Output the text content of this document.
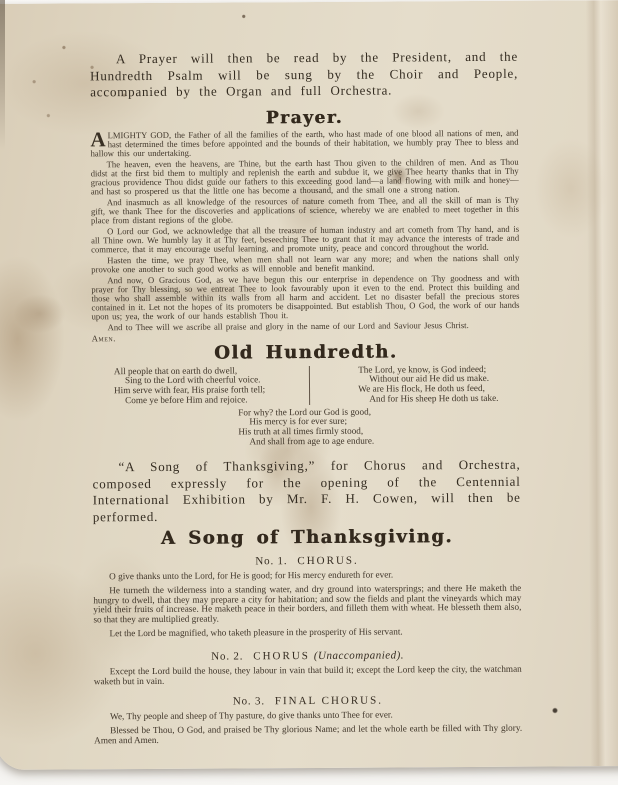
A Prayer will then be read by the President, and the Hundredth Psalm will be sung by the Choir and People, accompanied by the Organ and full Orchestra.

Prayer.

ALMIGHTY GOD, the Father of all the families of the earth, who hast made of one blood all nations of men, and hast determined the times before appointed and the bounds of their habitation, we humbly pray Thee to bless and hallow this our undertaking.

The heaven, even the heavens, are Thine, but the earth hast Thou given to the children of men. And as Thou didst at the first bid them to multiply and replenish the earth and subdue it, we give Thee hearty thanks that in Thy gracious providence Thou didst guide our fathers to this exceeding good land—a land flowing with milk and honey—and hast so prospered us that the little one has become a thousand, and the small one a strong nation.

And inasmuch as all knowledge of the resources of nature cometh from Thee, and all the skill of man is Thy gift, we thank Thee for the discoveries and applications of science, whereby we are enabled to meet together in this place from distant regions of the globe.

O Lord our God, we acknowledge that all the treasure of human industry and art cometh from Thy hand, and is all Thine own. We humbly lay it at Thy feet, beseeching Thee to grant that it may advance the interests of trade and commerce, that it may encourage useful learning, and promote unity, peace and concord throughout the world.

Hasten the time, we pray Thee, when men shall not learn war any more; and when the nations shall only provoke one another to such good works as will ennoble and benefit mankind.

And now, O Gracious God, as we have begun this our enterprise in dependence on Thy goodness and with prayer for Thy blessing, so we entreat Thee to look favourably upon it even to the end. Protect this building and those who shall assemble within its walls from all harm and accident. Let no disaster befall the precious stores contained in it. Let not the hopes of its promoters be disappointed. But establish Thou, O God, the work of our hands upon us; yea, the work of our hands establish Thou it.

And to Thee will we ascribe all praise and glory in the name of our Lord and Saviour Jesus Christ.

Amen.

Old Hundredth.
All people that on earth do dwell,
Sing to the Lord with cheerful voice.
Him serve with fear, His praise forth tell;
Come ye before Him and rejoice.
The Lord, ye know, is God indeed;
Without our aid He did us make.
We are His flock, He doth us feed,
And for His sheep He doth us take.
For why? the Lord our God is good,
His mercy is for ever sure;
His truth at all times firmly stood,
And shall from age to age endure.

“A Song of Thanksgiving,” for Chorus and Orchestra, composed expressly for the opening of the Centennial International Exhibition by Mr. F. H. Cowen, will then be performed.

A Song of Thanksgiving.
No. 1. CHORUS.

O give thanks unto the Lord, for He is good; for His mercy endureth for ever.

He turneth the wilderness into a standing water, and dry ground into watersprings; and there He maketh the hungry to dwell, that they may prepare a city for habitation; and sow the fields and plant the vineyards which may yield their fruits of increase. He maketh peace in their borders, and filleth them with wheat. He blesseth them also, so that they are multiplied greatly.

Let the Lord be magnified, who taketh pleasure in the prosperity of His servant.

No. 2. CHORUS (Unaccompanied).

Except the Lord build the house, they labour in vain that build it; except the Lord keep the city, the watchman waketh but in vain.

No. 3. FINAL CHORUS.

We, Thy people and sheep of Thy pasture, do give thanks unto Thee for ever.

Blessed be Thou, O God, and praised be Thy glorious Name; and let the whole earth be filled with Thy glory. Amen and Amen.
